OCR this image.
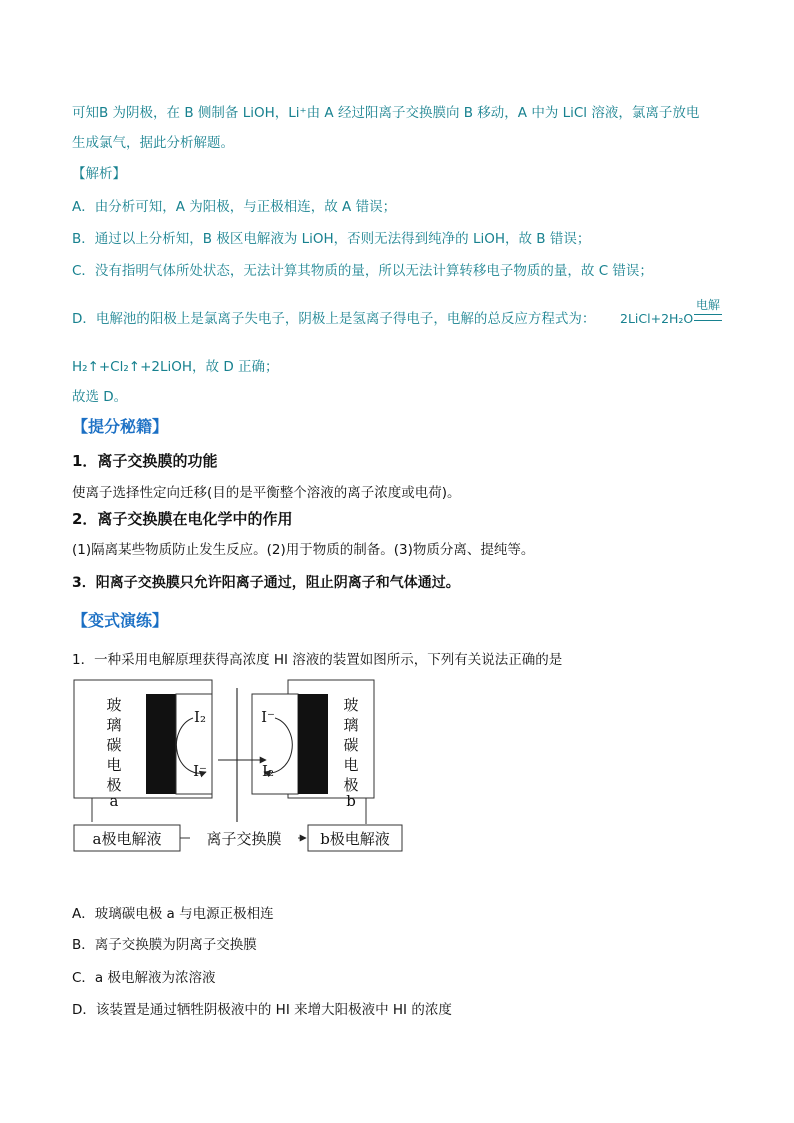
可知B 为阴极，在 B 侧制备 LiOH，Li⁺由 A 经过阳离子交换膜向 B 移动，A 中为 LiCl 溶液，氯离子放电
生成氯气，据此分析解题。
【解析】
A．由分析可知，A 为阳极，与正极相连，故 A 错误；
B．通过以上分析知，B 极区电解液为 LiOH，否则无法得到纯净的 LiOH，故 B 错误；
C．没有指明气体所处状态，无法计算其物质的量，所以无法计算转移电子物质的量，故 C 错误；
D．电解池的阳极上是氯离子失电子，阴极上是氢离子得电子，电解的总反应方程式为： 2LiCl+2H₂O
电解
H₂↑+Cl₂↑+2LiOH，故 D 正确；
故选 D。
【提分秘籍】
1．离子交换膜的功能
使离子选择性定向迁移(目的是平衡整个溶液的离子浓度或电荷)。
2．离子交换膜在电化学中的作用
(1)隔离某些物质防止发生反应。(2)用于物质的制备。(3)物质分离、提纯等。
3．阳离子交换膜只允许阳离子通过，阻止阴离子和气体通过。
【变式演练】
1．一种采用电解原理获得高浓度 HI 溶液的装置如图所示，下列有关说法正确的是
玻
璃
碳
电
极
a
玻
璃
碳
电
极
b
I₂
I⁻
I⁻
I₂
a极电解液	b极电解液
离子交换膜
A．玻璃碳电极 a 与电源正极相连
B．离子交换膜为阴离子交换膜
C．a 极电解液为浓溶液
D．该装置是通过牺牲阴极液中的 HI 来增大阳极液中 HI 的浓度
